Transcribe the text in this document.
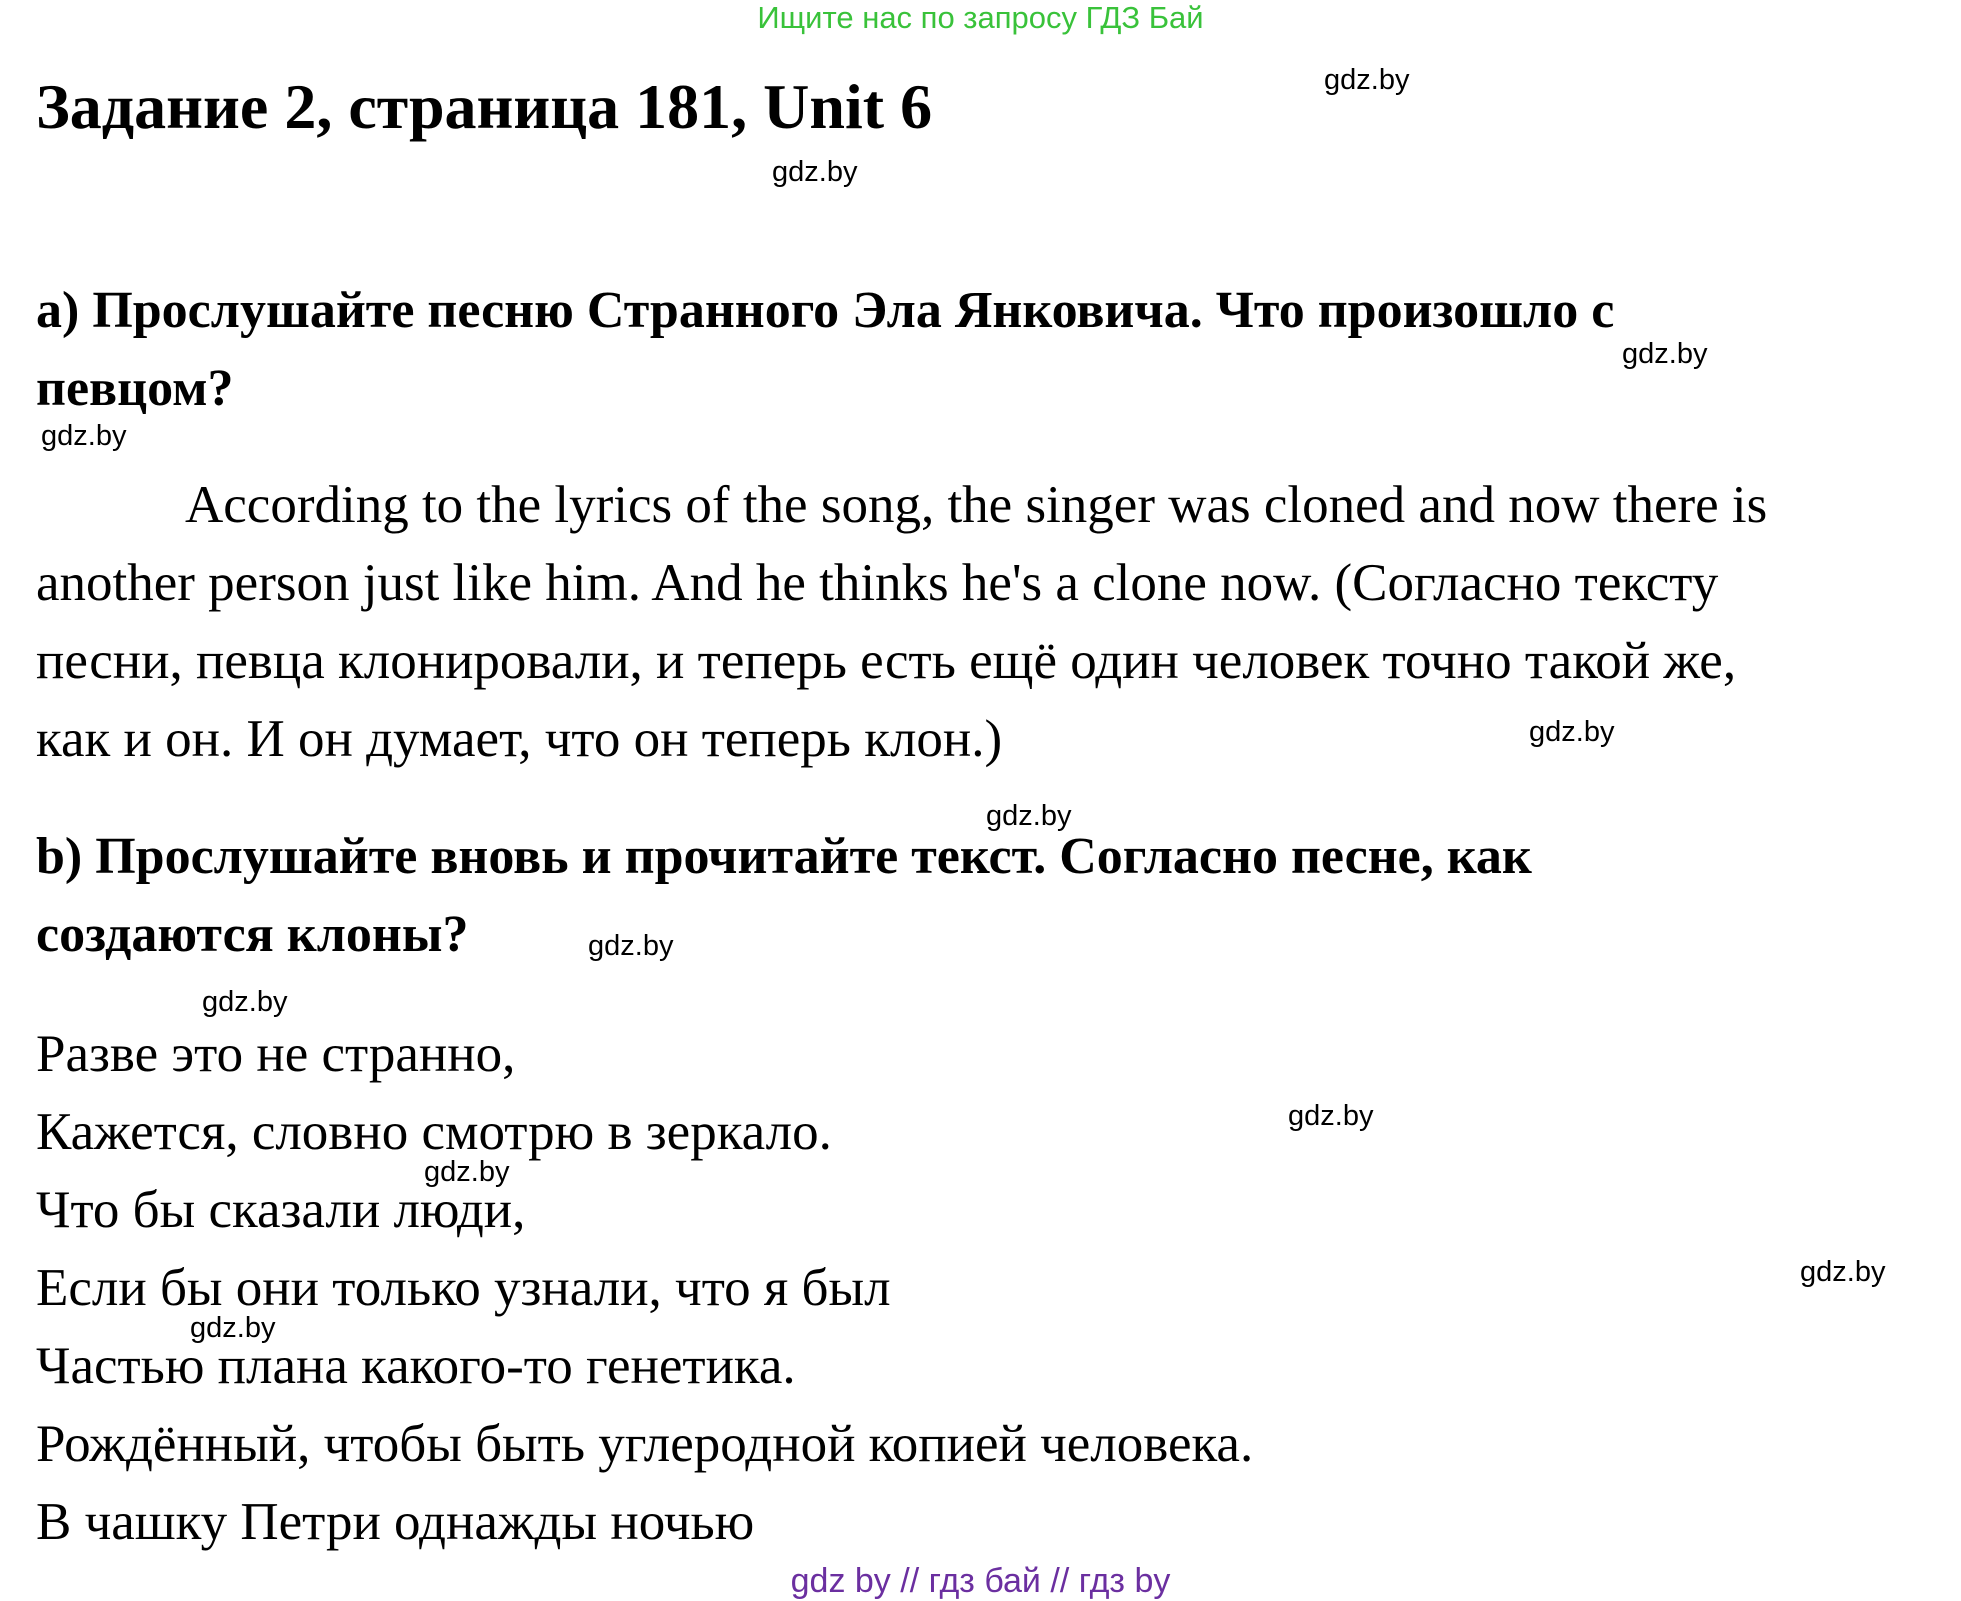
Ищите нас по запросу ГДЗ Бай
Задание 2, страница 181, Unit 6
a) Прослушайте песню Странного Эла Янковича. Что произошло с
певцом?
According to the lyrics of the song, the singer was cloned and now there is
another person just like him. And he thinks he's a clone now. (Согласно тексту
песни, певца клонировали, и теперь есть ещё один человек точно такой же,
как и он. И он думает, что он теперь клон.)
b) Прослушайте вновь и прочитайте текст. Согласно песне, как
создаются клоны?
Разве это не странно,
Кажется, словно смотрю в зеркало.
Что бы сказали люди,
Если бы они только узнали, что я был
Частью плана какого-то генетика.
Рождённый, чтобы быть углеродной копией человека.
В чашку Петри однажды ночью
gdz.by
gdz.by
gdz.by
gdz.by
gdz.by
gdz.by
gdz.by
gdz.by
gdz.by
gdz.by
gdz.by
gdz.by
gdz by // гдз бай // гдз by
